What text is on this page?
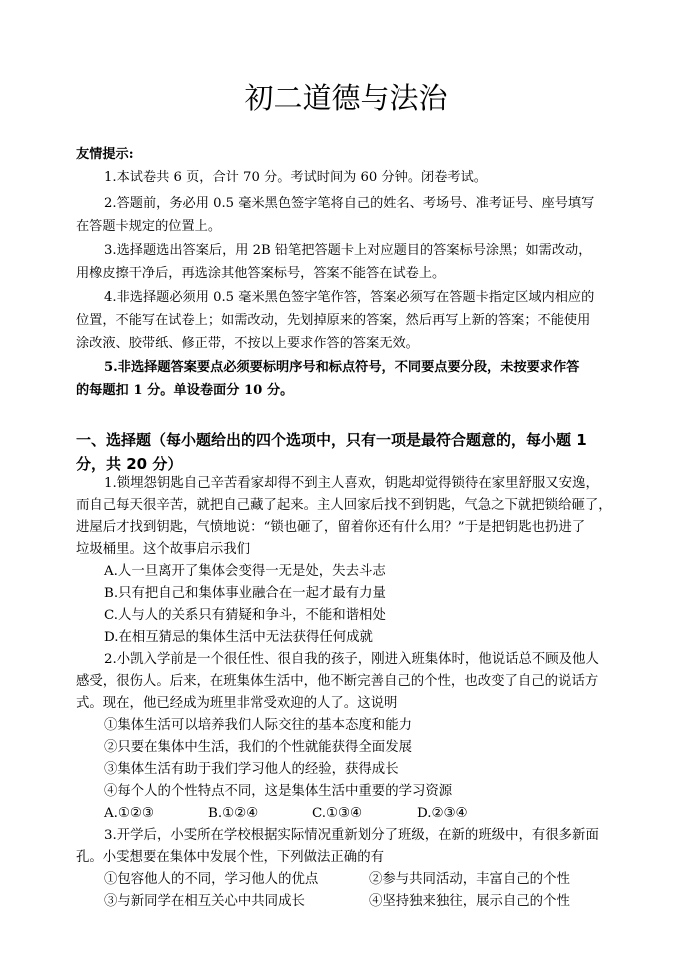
初二道德与法治
友情提示:
1.本试卷共 6 页，合计 70 分。考试时间为 60 分钟。闭卷考试。
2.答题前，务必用 0.5 毫米黑色签字笔将自己的姓名、考场号、准考证号、座号填写
在答题卡规定的位置上。
3.选择题选出答案后，用 2B 铅笔把答题卡上对应题目的答案标号涂黑；如需改动，
用橡皮擦干净后，再选涂其他答案标号，答案不能答在试卷上。
4.非选择题必须用 0.5 毫米黑色签字笔作答，答案必须写在答题卡指定区域内相应的
位置，不能写在试卷上；如需改动，先划掉原来的答案，然后再写上新的答案；不能使用
涂改液、胶带纸、修正带，不按以上要求作答的答案无效。
5.非选择题答案要点必须要标明序号和标点符号，不同要点要分段，未按要求作答
的每题扣 1 分。单设卷面分 10 分。
一、选择题（每小题给出的四个选项中，只有一项是最符合题意的，每小题 1
分，共 20 分）
1.锁埋怨钥匙自己辛苦看家却得不到主人喜欢，钥匙却觉得锁待在家里舒服又安逸，
而自己每天很辛苦，就把自己藏了起来。主人回家后找不到钥匙，气急之下就把锁给砸了，
进屋后才找到钥匙，气愤地说：“锁也砸了，留着你还有什么用？”于是把钥匙也扔进了
垃圾桶里。这个故事启示我们
A.人一旦离开了集体会变得一无是处，失去斗志
B.只有把自己和集体事业融合在一起才最有力量
C.人与人的关系只有猜疑和争斗，不能和谐相处
D.在相互猜忌的集体生活中无法获得任何成就
2.小凯入学前是一个很任性、很自我的孩子，刚进入班集体时，他说话总不顾及他人
感受，很伤人。后来，在班集体生活中，他不断完善自己的个性，也改变了自己的说话方
式。现在，他已经成为班里非常受欢迎的人了。这说明
①集体生活可以培养我们人际交往的基本态度和能力
②只要在集体中生活，我们的个性就能获得全面发展
③集体生活有助于我们学习他人的经验，获得成长
④每个人的个性特点不同，这是集体生活中重要的学习资源
A.①②③	B.①②④	C.①③④	D.②③④
3.开学后，小雯所在学校根据实际情况重新划分了班级，在新的班级中，有很多新面
孔。小雯想要在集体中发展个性，下列做法正确的有
①包容他人的不同，学习他人的优点	②参与共同活动，丰富自己的个性
③与新同学在相互关心中共同成长	④坚持独来独往，展示自己的个性
